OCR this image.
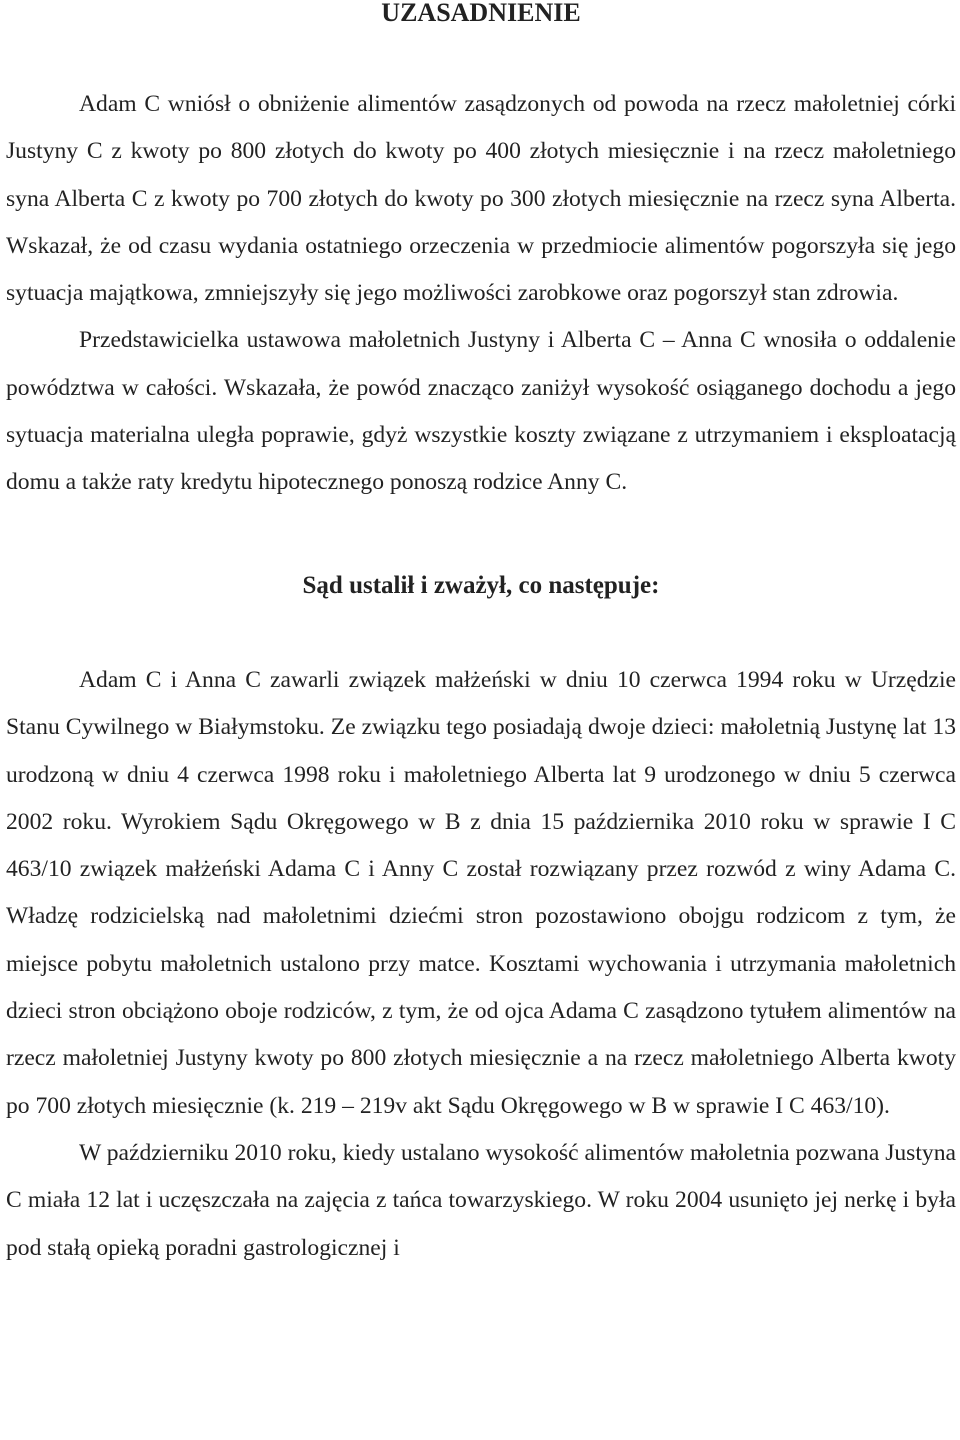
UZASADNIENIE

Adam C wniósł o obniżenie alimentów zasądzonych od powoda na rzecz małoletniej córki Justyny C z kwoty po 800 złotych do kwoty po 400 złotych miesięcznie i na rzecz małoletniego syna Alberta C z kwoty po 700 złotych do kwoty po 300 złotych miesięcznie na rzecz syna Alberta. Wskazał, że od czasu wydania ostatniego orzeczenia w przedmiocie alimentów pogorszyła się jego sytuacja majątkowa, zmniejszyły się jego możliwości zarobkowe oraz pogorszył stan zdrowia.

Przedstawicielka ustawowa małoletnich Justyny i Alberta C – Anna C wnosiła o oddalenie powództwa w całości. Wskazała, że powód znacząco zaniżył wysokość osiąganego dochodu a jego sytuacja materialna uległa poprawie, gdyż wszystkie koszty związane z utrzymaniem i eksploatacją domu a także raty kredytu hipotecznego ponoszą rodzice Anny C.

Sąd ustalił i zważył, co następuje:

Adam C i Anna C zawarli związek małżeński w dniu 10 czerwca 1994 roku w Urzędzie Stanu Cywilnego w Białymstoku. Ze związku tego posiadają dwoje dzieci: małoletnią Justynę lat 13 urodzoną w dniu 4 czerwca 1998 roku i małoletniego Alberta lat 9 urodzonego w dniu 5 czerwca 2002 roku. Wyrokiem Sądu Okręgowego w B z dnia 15 października 2010 roku w sprawie I C 463/10 związek małżeński Adama C i Anny C został rozwiązany przez rozwód z winy Adama C. Władzę rodzicielską nad małoletnimi dziećmi stron pozostawiono obojgu rodzicom z tym, że miejsce pobytu małoletnich ustalono przy matce. Kosztami wychowania i utrzymania małoletnich dzieci stron obciążono oboje rodziców, z tym, że od ojca Adama C zasądzono tytułem alimentów na rzecz małoletniej Justyny kwoty po 800 złotych miesięcznie a na rzecz małoletniego Alberta kwoty po 700 złotych miesięcznie (k. 219 – 219v akt Sądu Okręgowego w B w sprawie I C 463/10).

W październiku 2010 roku, kiedy ustalano wysokość alimentów małoletnia pozwana Justyna C miała 12 lat i uczęszczała na zajęcia z tańca towarzyskiego. W roku 2004 usunięto jej nerkę i była pod stałą opieką poradni gastrologicznej i
